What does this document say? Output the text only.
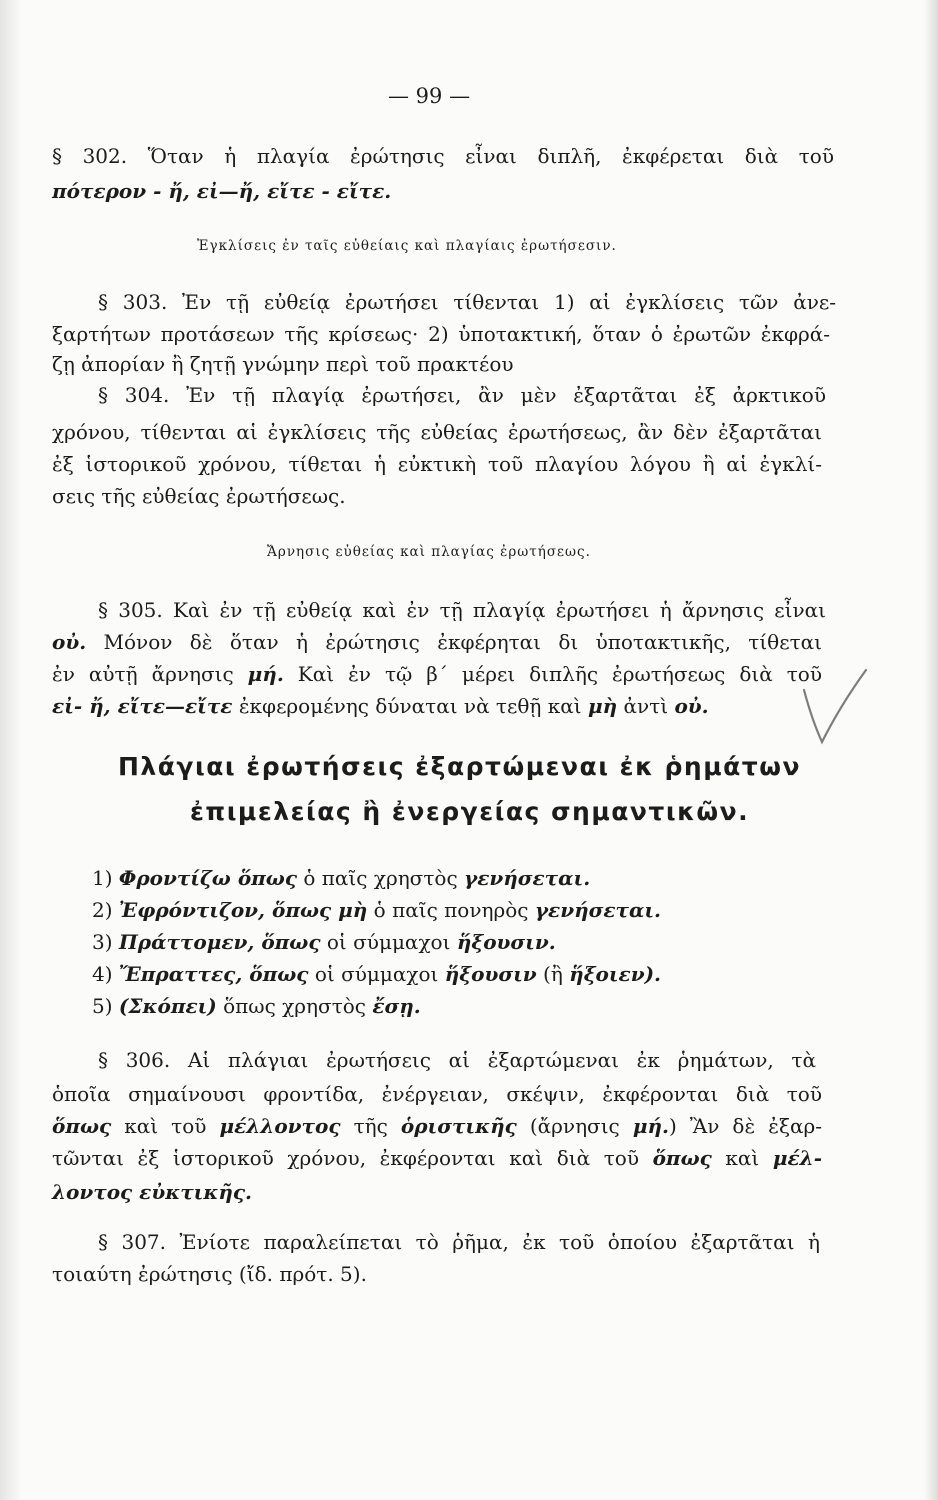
— 99 —
§ 302. Ὅταν ἡ πλαγία ἐρώτησις εἶναι διπλῆ, ἐκφέρεται διὰ τοῦ
πότερον - ἤ, εἰ—ἤ, εἴτε - εἴτε.
Ἐγκλίσεις ἐν ταῖς εὐθείαις καὶ πλαγίαις ἐρωτήσεσιν.
§ 303. Ἐν τῇ εὐθείᾳ ἐρωτήσει τίθενται 1) αἱ ἐγκλίσεις τῶν ἀνε-
ξαρτήτων προτάσεων τῆς κρίσεως· 2) ὑποτακτική, ὅταν ὁ ἐρωτῶν ἐκφρά-
ζῃ ἀπορίαν ἢ ζητῇ γνώμην περὶ τοῦ πρακτέου
§ 304. Ἐν τῇ πλαγίᾳ ἐρωτήσει, ἂν μὲν ἐξαρτᾶται ἐξ ἀρκτικοῦ
χρόνου, τίθενται αἱ ἐγκλίσεις τῆς εὐθείας ἐρωτήσεως, ἂν δὲν ἐξαρτᾶται
ἐξ ἱστορικοῦ χρόνου, τίθεται ἡ εὐκτικὴ τοῦ πλαγίου λόγου ἢ αἱ ἐγκλί-
σεις τῆς εὐθείας ἐρωτήσεως.
Ἄρνησις εὐθείας καὶ πλαγίας ἐρωτήσεως.
§ 305. Καὶ ἐν τῇ εὐθείᾳ καὶ ἐν τῇ πλαγίᾳ ἐρωτήσει ἡ ἄρνησις εἶναι
οὐ. Μόνον δὲ ὅταν ἡ ἐρώτησις ἐκφέρηται δι ὑποτακτικῆς, τίθεται
ἐν αὐτῇ ἄρνησις μή. Καὶ ἐν τῷ β΄ μέρει διπλῆς ἐρωτήσεως διὰ τοῦ
εἰ- ἤ, εἴτε—εἴτε ἐκφερομένης δύναται νὰ τεθῇ καὶ μὴ ἀντὶ οὐ.
Πλάγιαι ἐρωτήσεις ἐξαρτώμεναι ἐκ ῥημάτων
ἐπιμελείας ἢ ἐνεργείας σημαντικῶν.
1) Φροντίζω ὅπως ὁ παῖς χρηστὸς γενήσεται.
2) Ἐφρόντιζον, ὅπως μὴ ὁ παῖς πονηρὸς γενήσεται.
3) Πράττομεν, ὅπως οἱ σύμμαχοι ἥξουσιν.
4) Ἔπραττες, ὅπως οἱ σύμμαχοι ἥξουσιν (ἢ ἥξοιεν).
5) (Σκόπει) ὅπως χρηστὸς ἔσῃ.
§ 306. Αἱ πλάγιαι ἐρωτήσεις αἱ ἐξαρτώμεναι ἐκ ῥημάτων, τὰ
ὁποῖα σημαίνουσι φροντίδα, ἐνέργειαν, σκέψιν, ἐκφέρονται διὰ τοῦ
ὅπως καὶ τοῦ μέλλοντος τῆς ὁριστικῆς (ἄρνησις μή.) Ἂν δὲ ἐξαρ-
τῶνται ἐξ ἱστορικοῦ χρόνου, ἐκφέρονται καὶ διὰ τοῦ ὅπως καὶ μέλ-
λοντος εὐκτικῆς.
§ 307. Ἐνίοτε παραλείπεται τὸ ῥῆμα, ἐκ τοῦ ὁποίου ἐξαρτᾶται ἡ
τοιαύτη ἐρώτησις (ἴδ. πρότ. 5).
